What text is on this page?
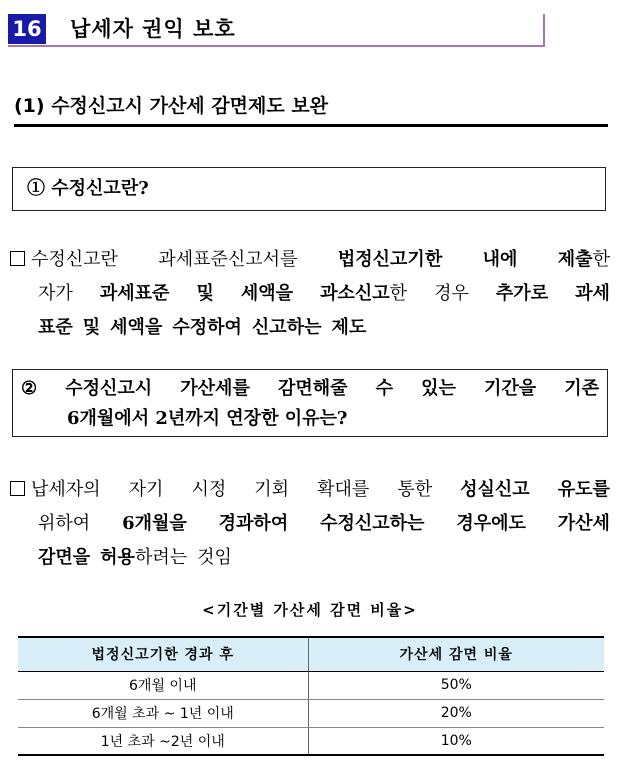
16 납세자 권익 보호
(1) 수정신고시 가산세 감면제도 보완
① 수정신고란?
수정신고란 과세표준신고서를 법정신고기한 내에 제출한
자가 과세표준 및 세액을 과소신고한 경우 추가로 과세
표준 및 세액을 수정하여 신고하는 제도
② 수정신고시 가산세를 감면해줄 수 있는 기간을 기존
6개월에서 2년까지 연장한 이유는?
납세자의 자기 시정 기회 확대를 통한 성실신고 유도를
위하여 6개월을 경과하여 수정신고하는 경우에도 가산세
감면을 허용하려는 것임
<기간별 가산세 감면 비율>
법정신고기한 경과 후	가산세 감면 비율
6개월 이내	50%
6개월 초과 ~ 1년 이내	20%
1년 초과 ~2년 이내	10%
